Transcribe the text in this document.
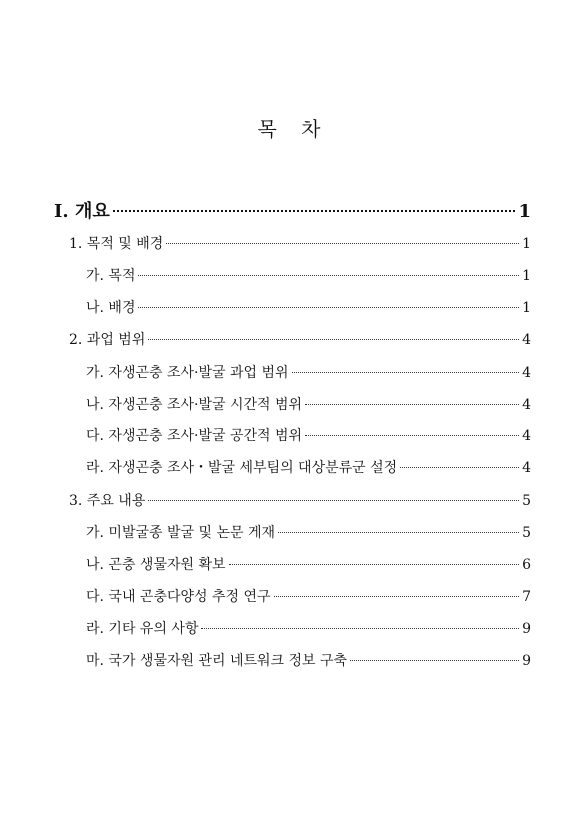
목 차
I. 개요	1
1. 목적 및 배경	1
가. 목적	1
나. 배경	1
2. 과업 범위	4
가. 자생곤충 조사·발굴 과업 범위	4
나. 자생곤충 조사·발굴 시간적 범위	4
다. 자생곤충 조사·발굴 공간적 범위	4
라. 자생곤충 조사・발굴 세부팀의 대상분류군 설정	4
3. 주요 내용	5
가. 미발굴종 발굴 및 논문 게재	5
나. 곤충 생물자원 확보	6
다. 국내 곤충다양성 추정 연구	7
라. 기타 유의 사항	9
마. 국가 생물자원 관리 네트워크 정보 구축	9
